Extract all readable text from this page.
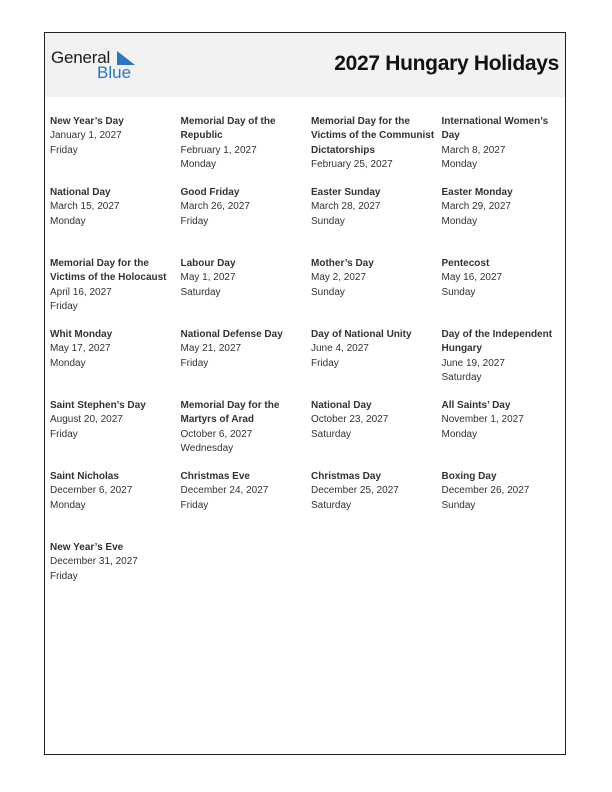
General
Blue	2027 Hungary Holidays
New Year’s Day
January 1, 2027
Friday
Memorial Day of the Republic
February 1, 2027
Monday
Memorial Day for the Victims of the Communist Dictatorships
February 25, 2027
International Women’s Day
March 8, 2027
Monday
National Day
March 15, 2027
Monday
Good Friday
March 26, 2027
Friday
Easter Sunday
March 28, 2027
Sunday
Easter Monday
March 29, 2027
Monday
Memorial Day for the Victims of the Holocaust
April 16, 2027
Friday
Labour Day
May 1, 2027
Saturday
Mother’s Day
May 2, 2027
Sunday
Pentecost
May 16, 2027
Sunday
Whit Monday
May 17, 2027
Monday
National Defense Day
May 21, 2027
Friday
Day of National Unity
June 4, 2027
Friday
Day of the Independent Hungary
June 19, 2027
Saturday
Saint Stephen’s Day
August 20, 2027
Friday
Memorial Day for the Martyrs of Arad
October 6, 2027
Wednesday
National Day
October 23, 2027
Saturday
All Saints’ Day
November 1, 2027
Monday
Saint Nicholas
December 6, 2027
Monday
Christmas Eve
December 24, 2027
Friday
Christmas Day
December 25, 2027
Saturday
Boxing Day
December 26, 2027
Sunday
New Year’s Eve
December 31, 2027
Friday
